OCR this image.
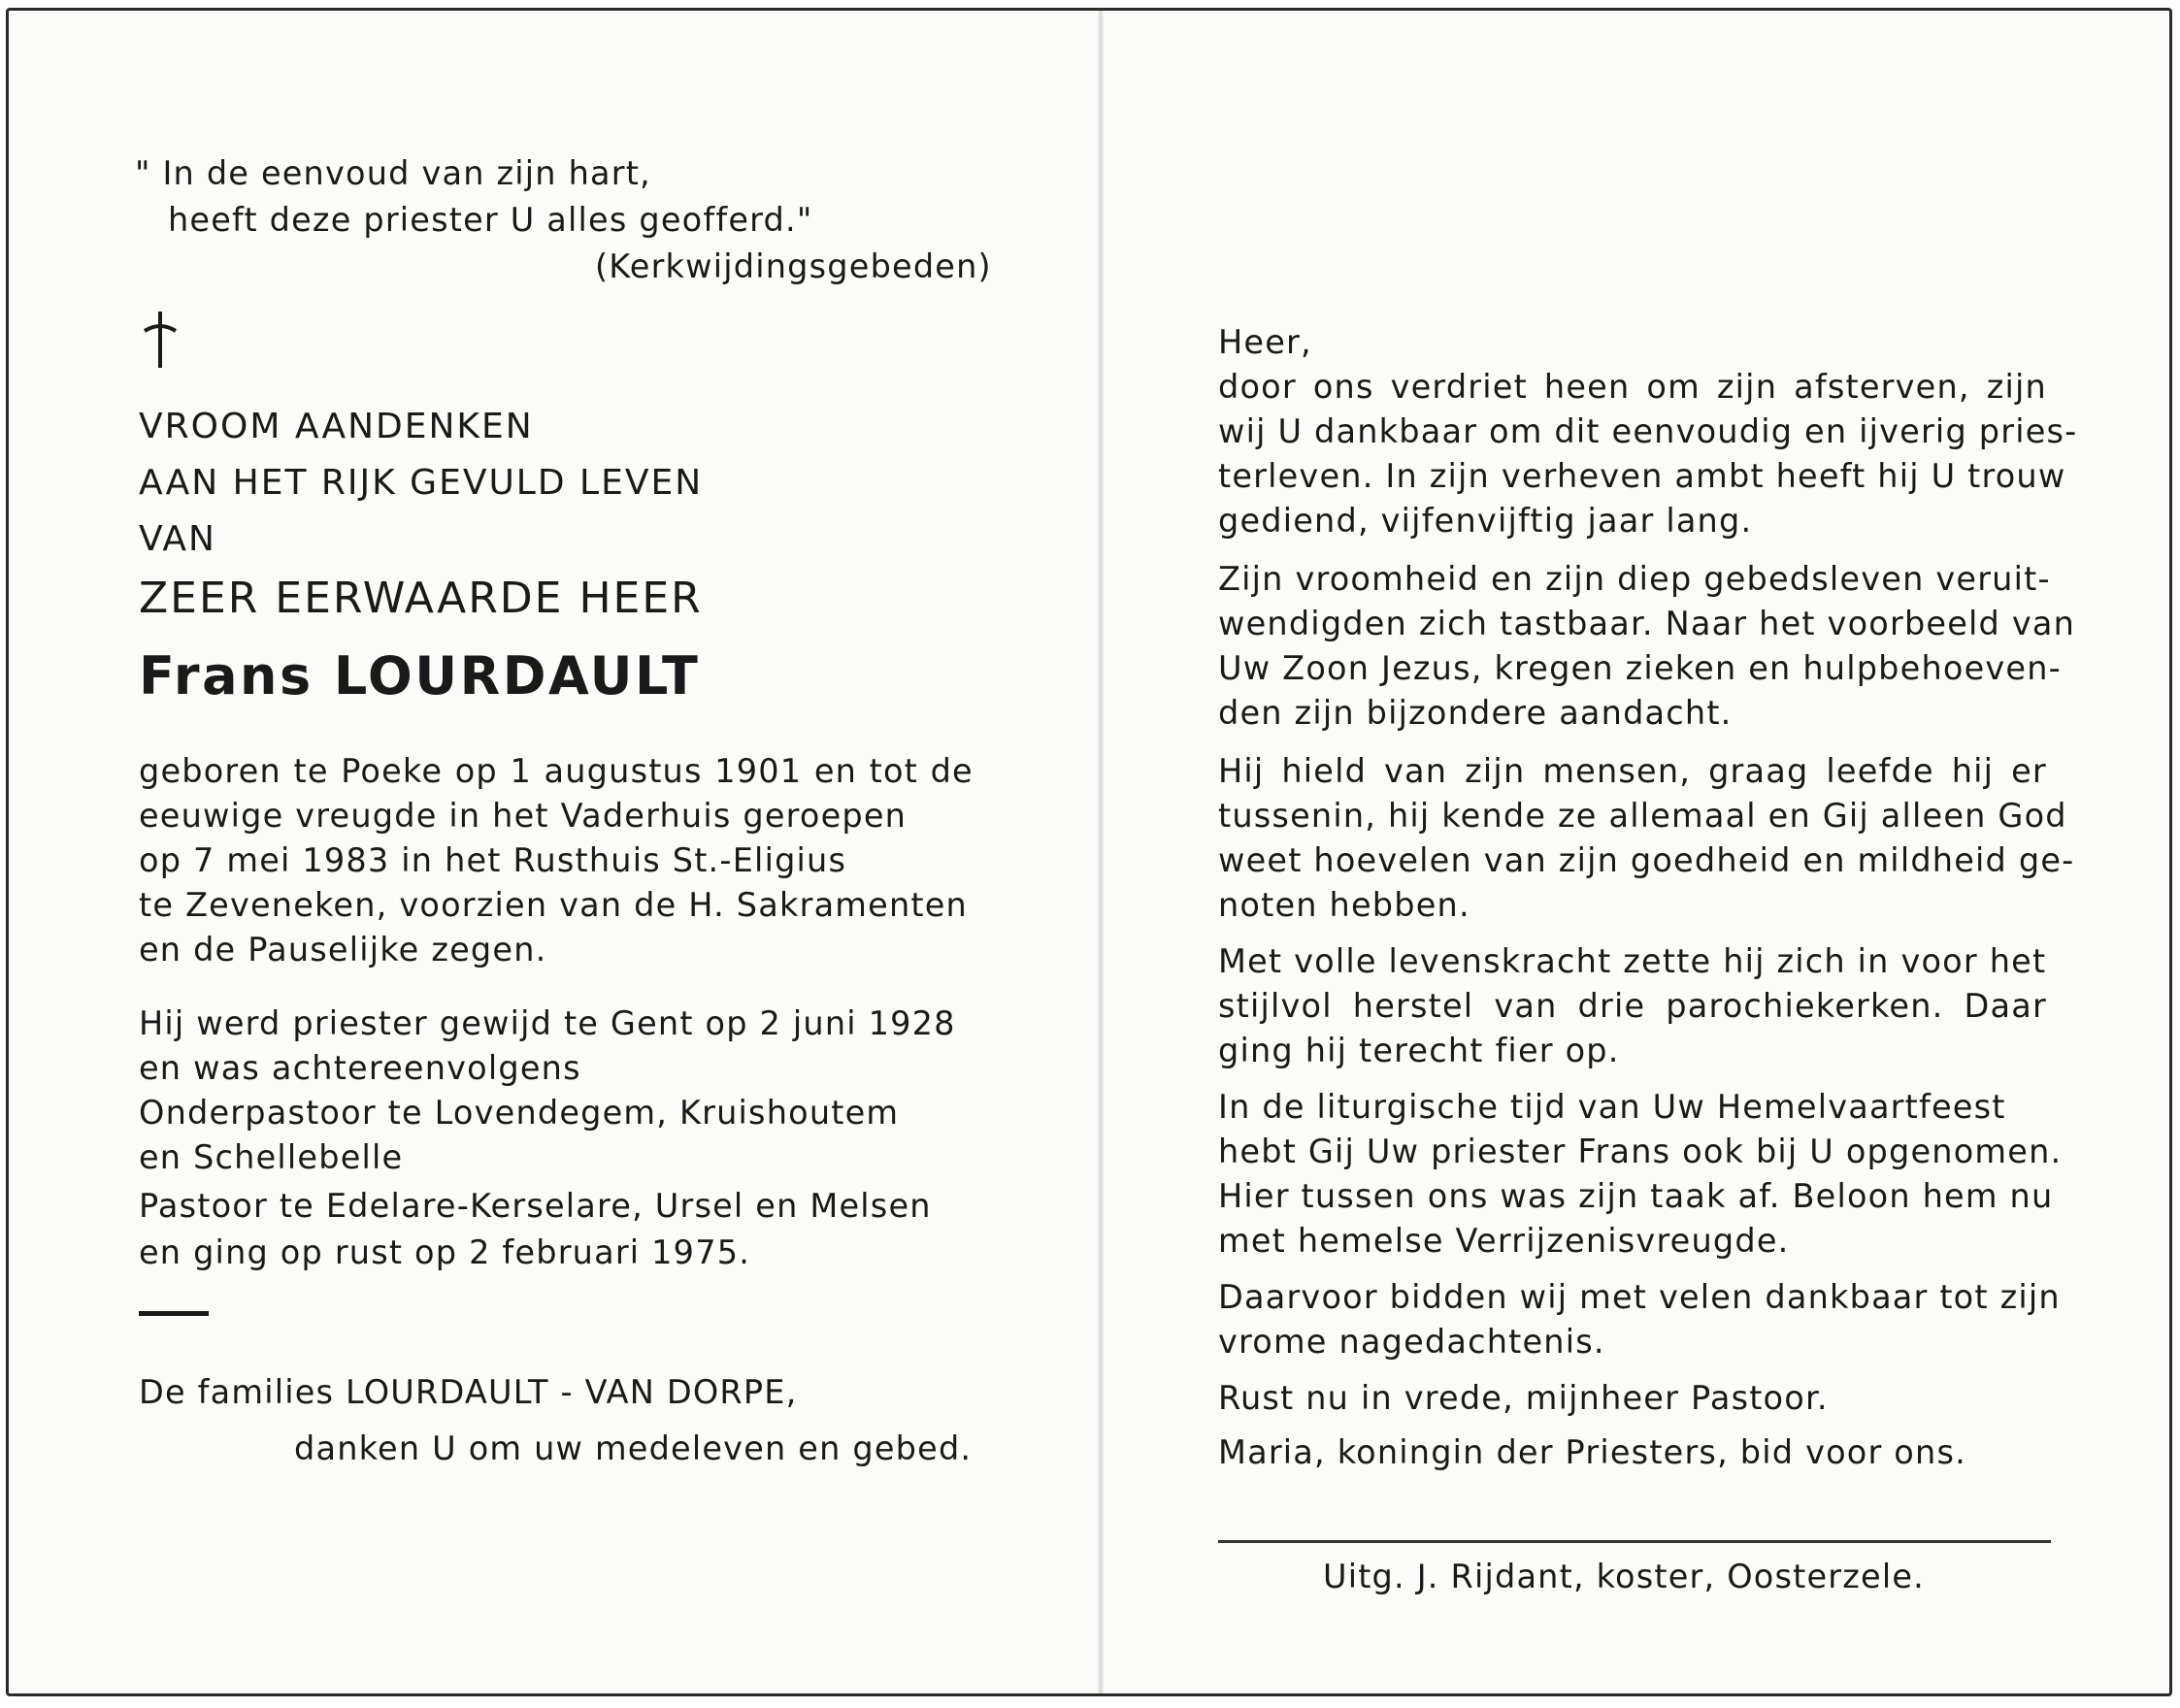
" In de eenvoud van zijn hart,
heeft deze priester U alles geofferd."
(Kerkwijdingsgebeden)
VROOM AANDENKEN
AAN HET RIJK GEVULD LEVEN
VAN
ZEER EERWAARDE HEER
Frans LOURDAULT
geboren te Poeke op 1 augustus 1901 en tot de
eeuwige vreugde in het Vaderhuis geroepen
op 7 mei 1983 in het Rusthuis St.-Eligius
te Zeveneken, voorzien van de H. Sakramenten
en de Pauselijke zegen.
Hij werd priester gewijd te Gent op 2 juni 1928
en was achtereenvolgens
Onderpastoor te Lovendegem, Kruishoutem
en Schellebelle
Pastoor te Edelare-Kerselare, Ursel en Melsen
en ging op rust op 2 februari 1975.
De families LOURDAULT - VAN DORPE,
danken U om uw medeleven en gebed.
Heer,
door ons verdriet heen om zijn afsterven, zijn
wij U dankbaar om dit eenvoudig en ijverig pries-
terleven. In zijn verheven ambt heeft hij U trouw
gediend, vijfenvijftig jaar lang.
Zijn vroomheid en zijn diep gebedsleven veruit-
wendigden zich tastbaar. Naar het voorbeeld van
Uw Zoon Jezus, kregen zieken en hulpbehoeven-
den zijn bijzondere aandacht.
Hij hield van zijn mensen, graag leefde hij er
tussenin, hij kende ze allemaal en Gij alleen God
weet hoevelen van zijn goedheid en mildheid ge-
noten hebben.
Met volle levenskracht zette hij zich in voor het
stijlvol herstel van drie parochiekerken. Daar
ging hij terecht fier op.
In de liturgische tijd van Uw Hemelvaartfeest
hebt Gij Uw priester Frans ook bij U opgenomen.
Hier tussen ons was zijn taak af. Beloon hem nu
met hemelse Verrijzenisvreugde.
Daarvoor bidden wij met velen dankbaar tot zijn
vrome nagedachtenis.
Rust nu in vrede, mijnheer Pastoor.
Maria, koningin der Priesters, bid voor ons.
Uitg. J. Rijdant, koster, Oosterzele.
